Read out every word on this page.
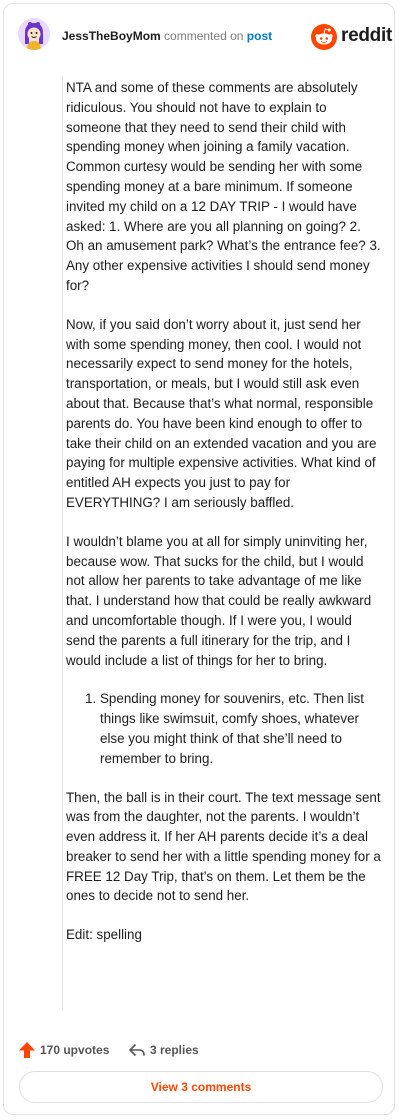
JessTheBoyMom commented on post	reddit

NTA and some of these comments are absolutely ridiculous. You should not have to explain to someone that they need to send their child with spending money when joining a family vacation. Common curtesy would be sending her with some spending money at a bare minimum. If someone invited my child on a 12 DAY TRIP - I would have asked: 1. Where are you all planning on going? 2. Oh an amusement park? What’s the entrance fee? 3. Any other expensive activities I should send money for?

Now, if you said don’t worry about it, just send her with some spending money, then cool. I would not necessarily expect to send money for the hotels, transportation, or meals, but I would still ask even about that. Because that’s what normal, responsible parents do. You have been kind enough to offer to take their child on an extended vacation and you are paying for multiple expensive activities. What kind of entitled AH expects you just to pay for EVERYTHING? I am seriously baffled.

I wouldn’t blame you at all for simply uninviting her, because wow. That sucks for the child, but I would not allow her parents to take advantage of me like that. I understand how that could be really awkward and uncomfortable though. If I were you, I would send the parents a full itinerary for the trip, and I would include a list of things for her to bring.

1. Spending money for souvenirs, etc. Then list things like swimsuit, comfy shoes, whatever else you might think of that she’ll need to remember to bring.

Then, the ball is in their court. The text message sent was from the daughter, not the parents. I wouldn’t even address it. If her AH parents decide it’s a deal breaker to send her with a little spending money for a FREE 12 Day Trip, that’s on them. Let them be the ones to decide not to send her.

Edit: spelling

170 upvotes	3 replies
View 3 comments
